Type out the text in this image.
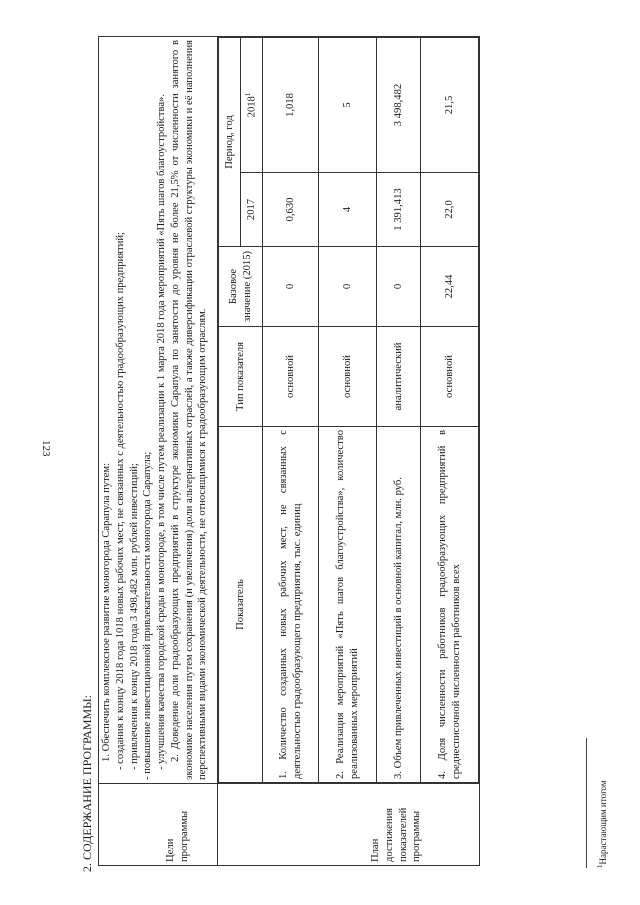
123
2. СОДЕРЖАНИЕ ПРОГРАММЫ:	Цели программы

1. Обеспечить комплексное развитие моногорода Сарапула путем: - создания к концу 2018 года 1018 новых рабочих мест, не связанных с деятельностью градообразующих предприятий; - привлечения к концу 2018 года 3 498,482 млн. рублей инвестиций; - повышение инвестиционной привлекательности моногорода Сарапула; - улучшения качества городской среды в моногороде, в том числе путем реализации к 1 марта 2018 года мероприятий «Пять шагов благоустройства». 2. Доведение доли градообразующих предприятий в структуре экономики Сарапула по занятости до уровня не более 21,5% от численности занятого в экономике населения путем сохранения (и увеличения) доли альтернативных отраслей, а также диверсификации отраслевой структуры экономики и её наполнения перспективными видами экономической деятельности, не относящимися к градообразующим отраслям.

План достижения показателей программы

Показатель	Тип показателя	Базовое значение (2015)	Период, год
2017	2018$^1$
1. Количество созданных новых рабочих мест, не связанных с деятельностью градообразующего предприятия, тыс. единиц	основной	0	0,630	1,018
2. Реализация мероприятий «Пять шагов благоустройства», количество реализованных мероприятий	основной	0	4	5
3. Объем привлеченных инвестиций в основной капитал, млн. руб.	аналитический	0	1 391,413	3 498,482
4. Доля численности работников градообразующих предприятий в среднесписочной численности работников всех	основной	22,44	22,0	21,5
$^1$Нарастающим итогом
